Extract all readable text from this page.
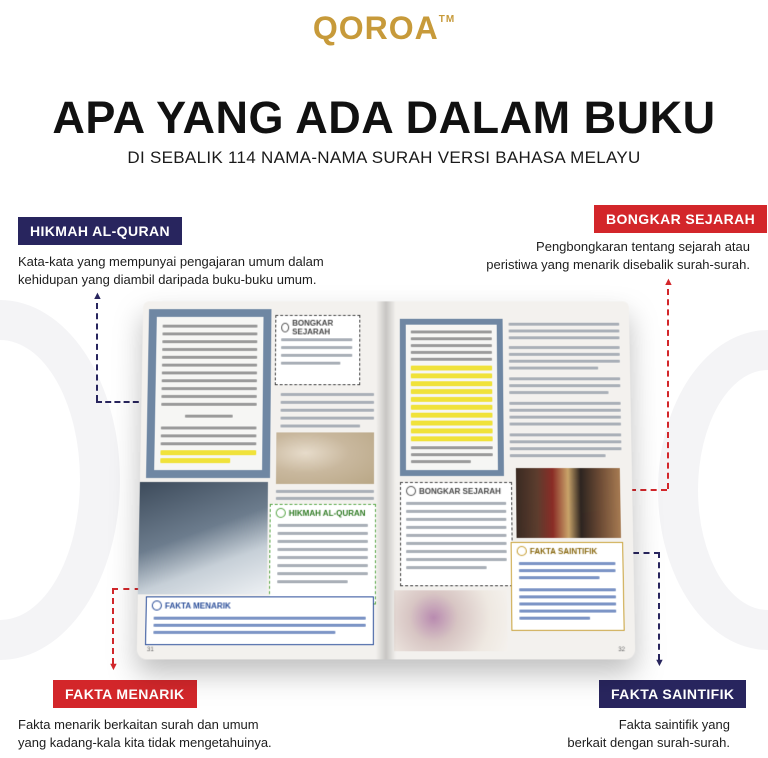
QOROA™
APA YANG ADA DALAM BUKU
DI SEBALIK 114 NAMA-NAMA SURAH VERSI BAHASA MELAYU
HIKMAH AL-QURAN
Kata-kata yang mempunyai pengajaran umum dalam
kehidupan yang diambil daripada buku-buku umum.
▲
BONGKAR SEJARAH
Pengbongkaran tentang sejarah atau
peristiwa yang menarik disebalik surah-surah.
▲
▼
FAKTA MENARIK
Fakta menarik berkaitan surah dan umum
yang kadang-kala kita tidak mengetahuinya.
▼
FAKTA SAINTIFIK
Fakta saintifik yang
berkait dengan surah-surah.
BONGKAR SEJARAH
HIKMAH AL-QURAN
FAKTA MENARIK
31
BONGKAR SEJARAH
FAKTA SAINTIFIK
32
